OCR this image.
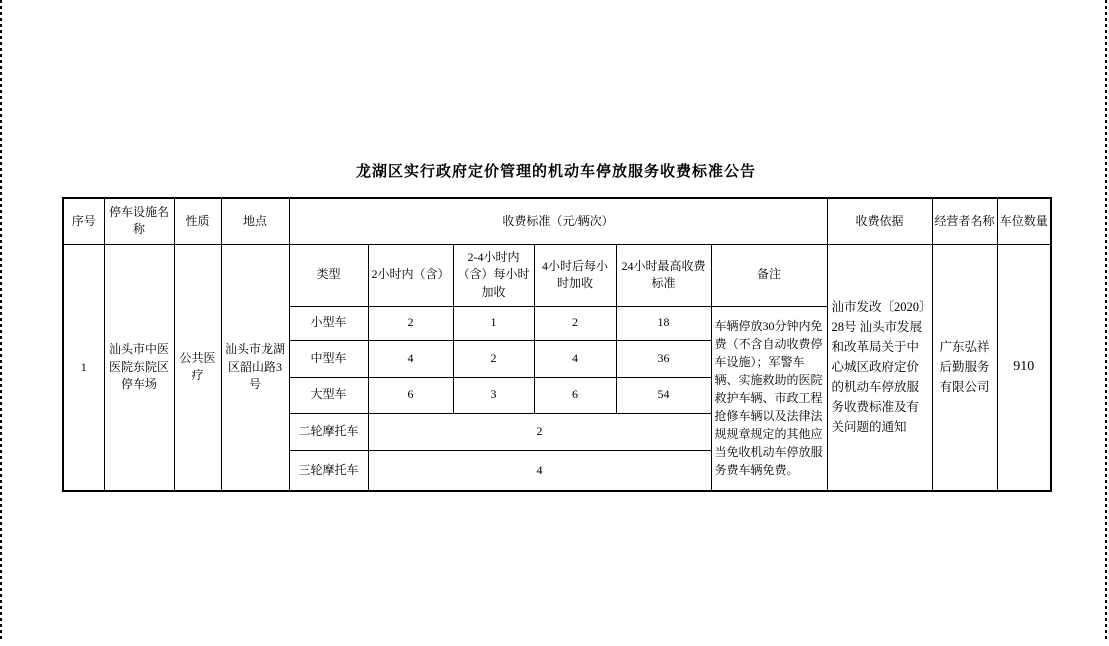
龙湖区实行政府定价管理的机动车停放服务收费标准公告
序号	停车设施名称	性质	地点	收费标准（元/辆次）						收费依据	经营者名称	车位数量
1	汕头市中医医院东院区停车场	公共医疗	汕头市龙湖区韶山路3号	类型	2小时内（含）	2-4小时内（含）每小时加收	4小时后每小时加收	24小时最高收费标准	备注	汕市发改〔2020〕28号 汕头市发展和改革局关于中心城区政府定价的机动车停放服务收费标准及有关问题的通知	广东弘祥后勤服务有限公司	910
				小型车	2	1	2	18	车辆停放30分钟内免费（不含自动收费停车设施）；军警车辆、实施救助的医院救护车辆、市政工程抢修车辆以及法律法规规章规定的其他应当免收机动车停放服务费车辆免费。			
				中型车	4	2	4	36				
				大型车	6	3	6	54				
				二轮摩托车	2							
				三轮摩托车	4							
